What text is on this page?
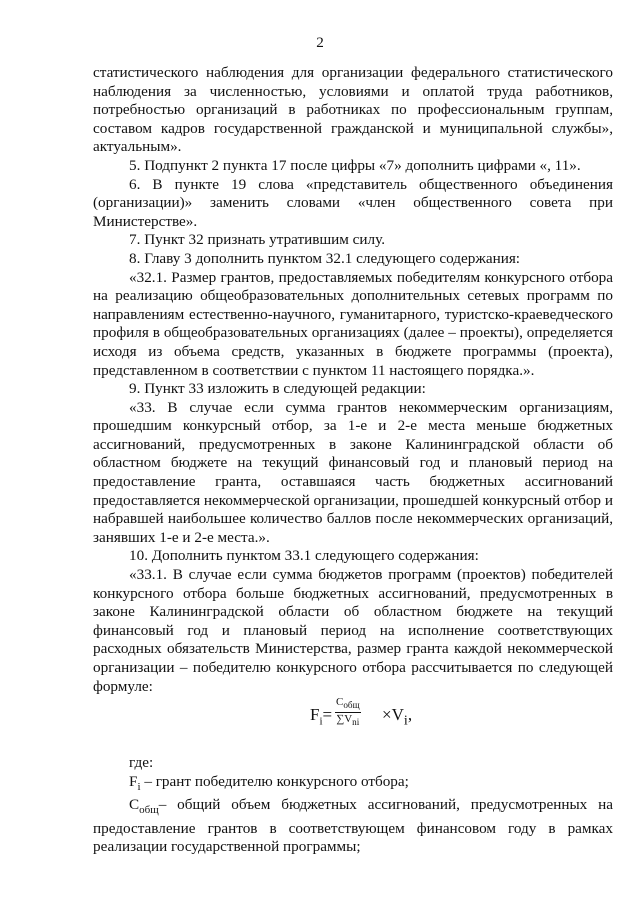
2

статистического наблюдения для организации федерального статистического наблюдения за численностью, условиями и оплатой труда работников, потребностью организаций в работниках по профессиональным группам, составом кадров государственной гражданской и муниципальной службы», актуальным».

5. Подпункт 2 пункта 17 после цифры «7» дополнить цифрами «, 11».

6. В пункте 19 слова «представитель общественного объединения (организации)» заменить словами «член общественного совета при Министерстве».

7. Пункт 32 признать утратившим силу.

8. Главу 3 дополнить пунктом 32.1 следующего содержания:

«32.1. Размер грантов, предоставляемых победителям конкурсного отбора на реализацию общеобразовательных дополнительных сетевых программ по направлениям естественно-научного, гуманитарного, туристско-краеведческого профиля в общеобразовательных организациях (далее – проекты), определяется исходя из объема средств, указанных в бюджете программы (проекта), представленном в соответствии с пунктом 11 настоящего порядка.».

9. Пункт 33 изложить в следующей редакции:

«33. В случае если сумма грантов некоммерческим организациям, прошедшим конкурсный отбор, за 1-е и 2-е места меньше бюджетных ассигнований, предусмотренных в законе Калининградской области об областном бюджете на текущий финансовый год и плановый период на предоставление гранта, оставшаяся часть бюджетных ассигнований предоставляется некоммерческой организации, прошедшей конкурсный отбор и набравшей наибольшее количество баллов после некоммерческих организаций, занявших 1-е и 2-е места.».

10. Дополнить пунктом 33.1 следующего содержания:

«33.1. В случае если сумма бюджетов программ (проектов) победителей конкурсного отбора больше бюджетных ассигнований, предусмотренных в законе Калининградской области об областном бюджете на текущий финансовый год и плановый период на исполнение соответствующих расходных обязательств Министерства, размер гранта каждой некоммерческой организации – победителю конкурсного отбора рассчитывается по следующей формуле:

$F_i=$
$C_{общ}$
$\sum V_{ni} \times V_i$,

где:

$F_i$ – грант победителю конкурсного отбора;

$C_{общ}-$ общий объем бюджетных ассигнований, предусмотренных на предоставление грантов в соответствующем финансовом году в рамках реализации государственной программы;
